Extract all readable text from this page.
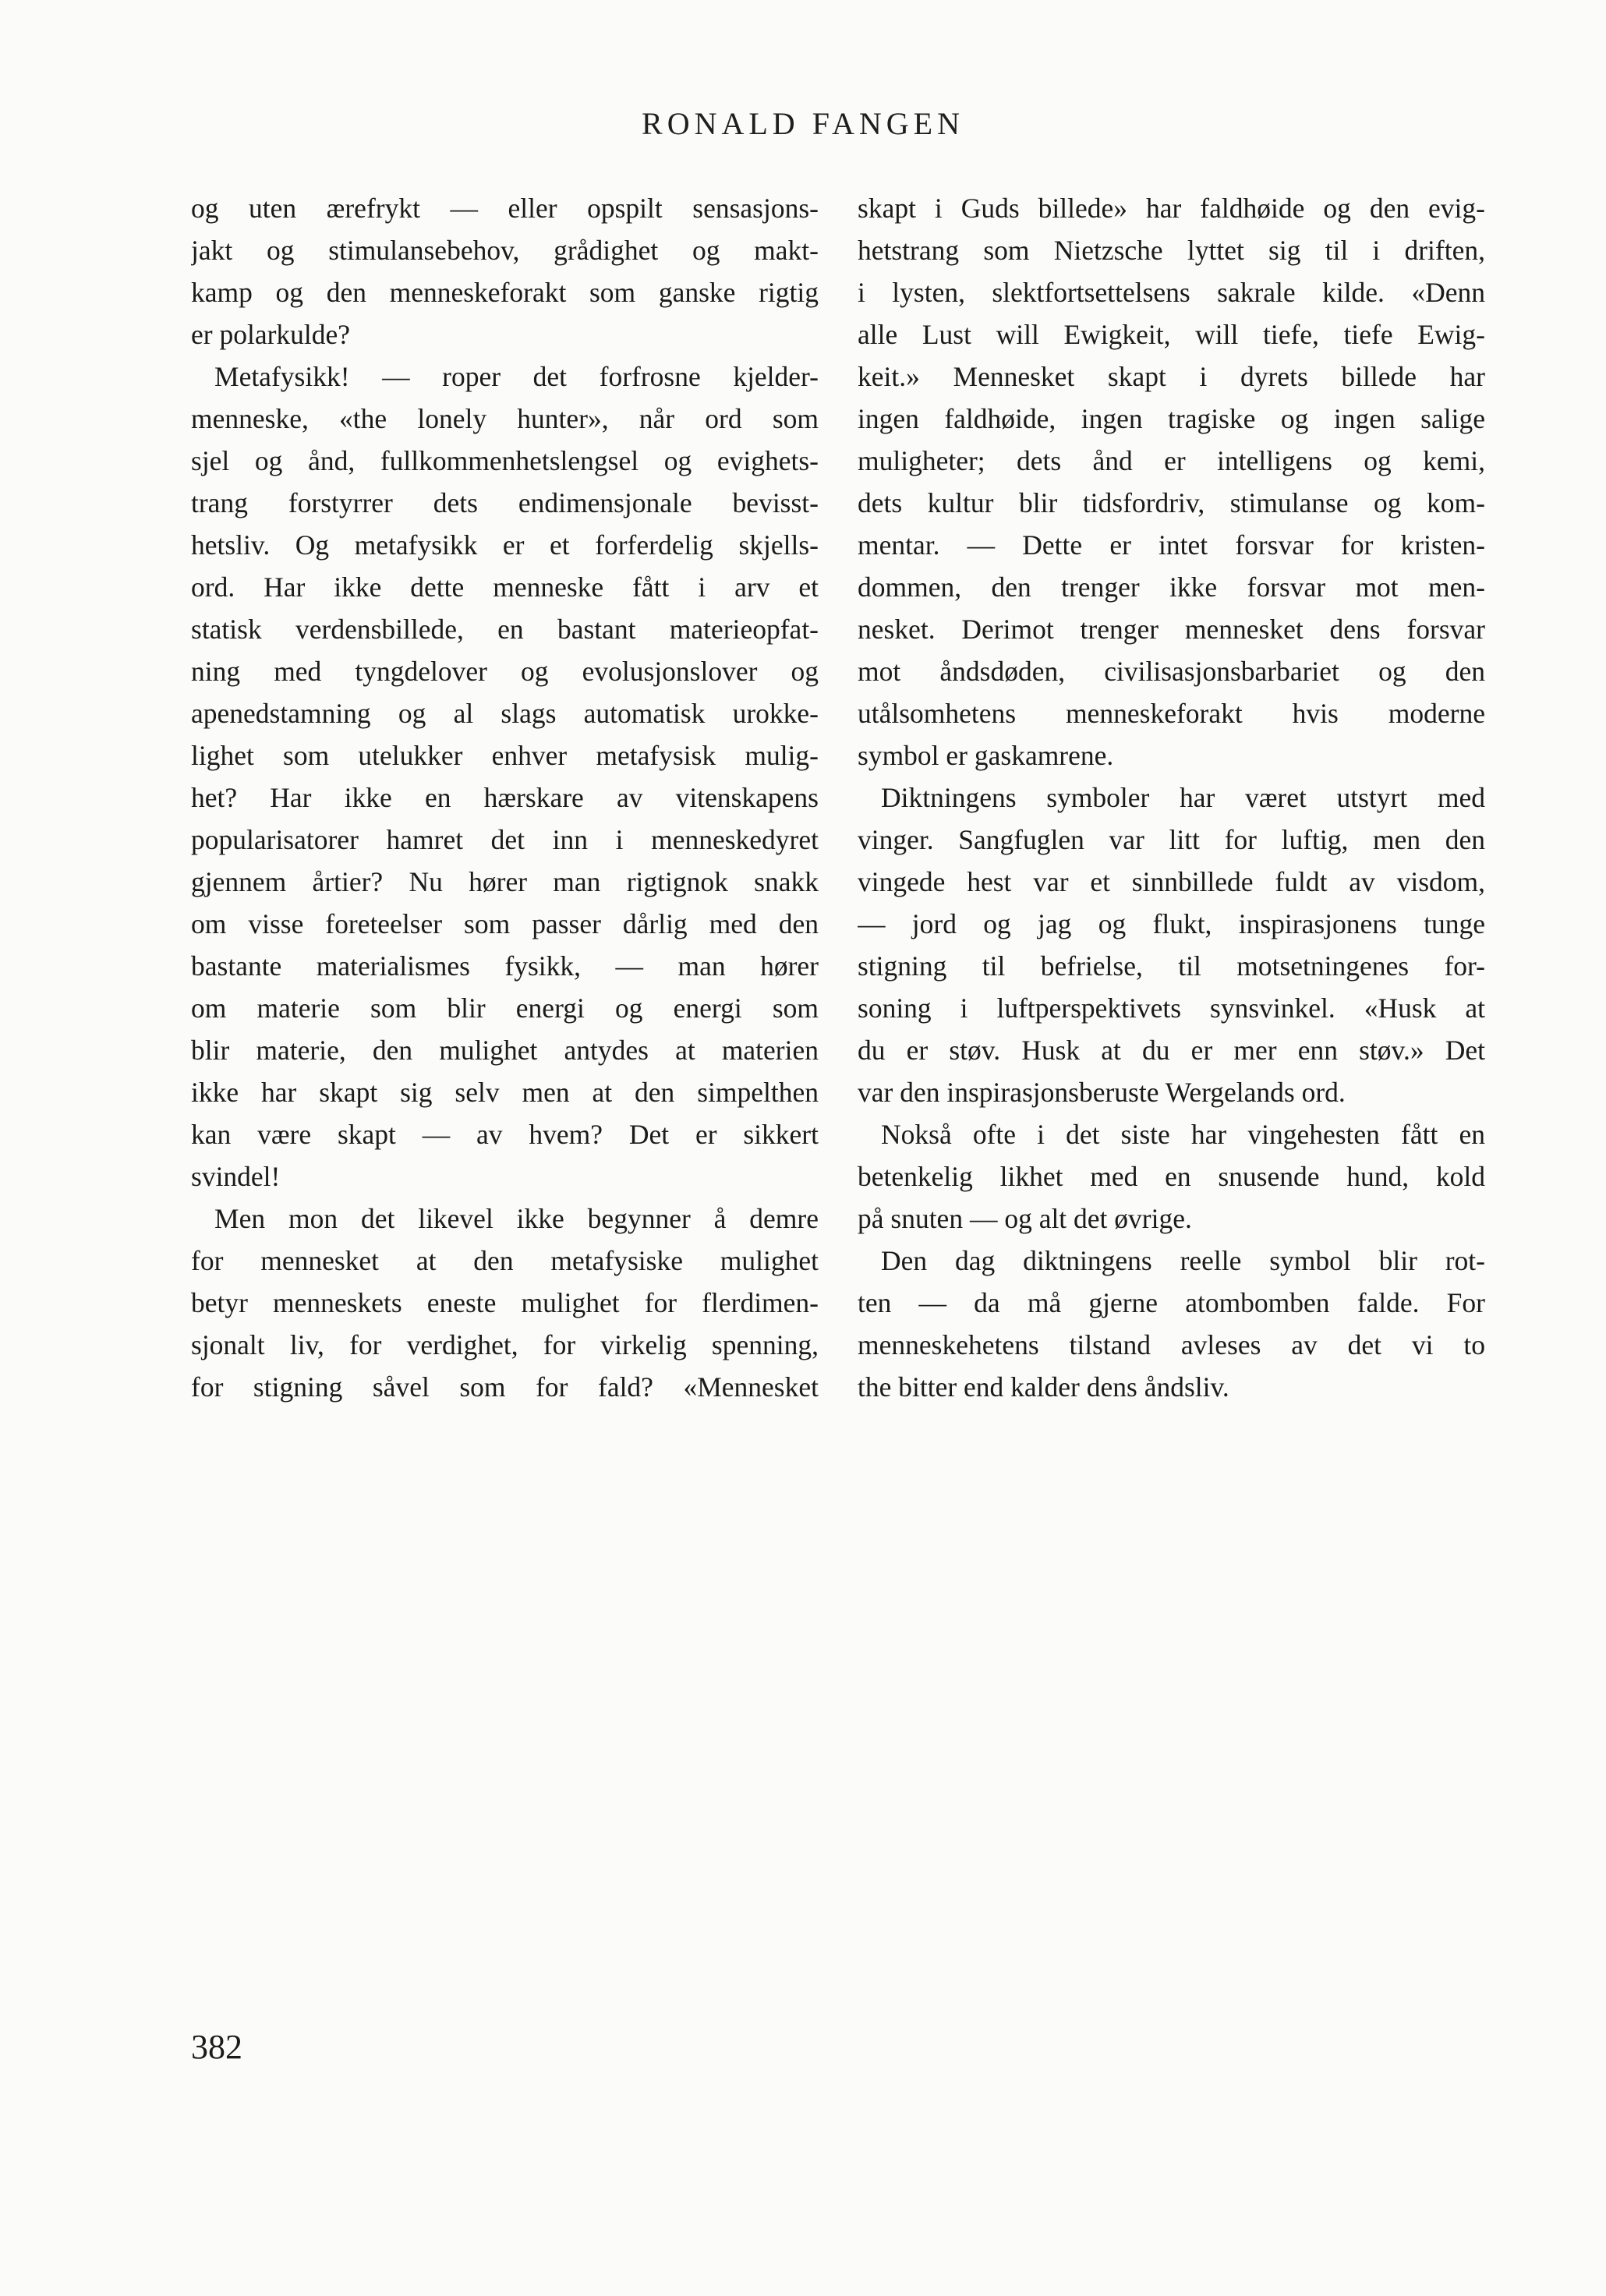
RONALD FANGEN
og uten ærefrykt — eller opspilt sensasjons-
jakt og stimulansebehov, grådighet og makt-
kamp og den menneskeforakt som ganske rigtig
er polarkulde?
Metafysikk! — roper det forfrosne kjelder-
menneske, «the lonely hunter», når ord som
sjel og ånd, fullkommenhetslengsel og evighets-
trang forstyrrer dets endimensjonale bevisst-
hetsliv. Og metafysikk er et forferdelig skjells-
ord. Har ikke dette menneske fått i arv et
statisk verdensbillede, en bastant materieopfat-
ning med tyngdelover og evolusjonslover og
apenedstamning og al slags automatisk urokke-
lighet som utelukker enhver metafysisk mulig-
het? Har ikke en hærskare av vitenskapens
popularisatorer hamret det inn i menneskedyret
gjennem årtier? Nu hører man rigtignok snakk
om visse foreteelser som passer dårlig med den
bastante materialismes fysikk, — man hører
om materie som blir energi og energi som
blir materie, den mulighet antydes at materien
ikke har skapt sig selv men at den simpelthen
kan være skapt — av hvem? Det er sikkert
svindel!
Men mon det likevel ikke begynner å demre
for mennesket at den metafysiske mulighet
betyr menneskets eneste mulighet for flerdimen-
sjonalt liv, for verdighet, for virkelig spenning,
for stigning såvel som for fald? «Mennesket
skapt i Guds billede» har faldhøide og den evig-
hetstrang som Nietzsche lyttet sig til i driften,
i lysten, slektfortsettelsens sakrale kilde. «Denn
alle Lust will Ewigkeit, will tiefe, tiefe Ewig-
keit.» Mennesket skapt i dyrets billede har
ingen faldhøide, ingen tragiske og ingen salige
muligheter; dets ånd er intelligens og kemi,
dets kultur blir tidsfordriv, stimulanse og kom-
mentar. — Dette er intet forsvar for kristen-
dommen, den trenger ikke forsvar mot men-
nesket. Derimot trenger mennesket dens forsvar
mot åndsdøden, civilisasjonsbarbariet og den
utålsomhetens menneskeforakt hvis moderne
symbol er gaskamrene.
Diktningens symboler har været utstyrt med
vinger. Sangfuglen var litt for luftig, men den
vingede hest var et sinnbillede fuldt av visdom,
— jord og jag og flukt, inspirasjonens tunge
stigning til befrielse, til motsetningenes for-
soning i luftperspektivets synsvinkel. «Husk at
du er støv. Husk at du er mer enn støv.» Det
var den inspirasjonsberuste Wergelands ord.
Nokså ofte i det siste har vingehesten fått en
betenkelig likhet med en snusende hund, kold
på snuten — og alt det øvrige.
Den dag diktningens reelle symbol blir rot-
ten — da må gjerne atombomben falde. For
menneskehetens tilstand avleses av det vi to
the bitter end kalder dens åndsliv.
382
